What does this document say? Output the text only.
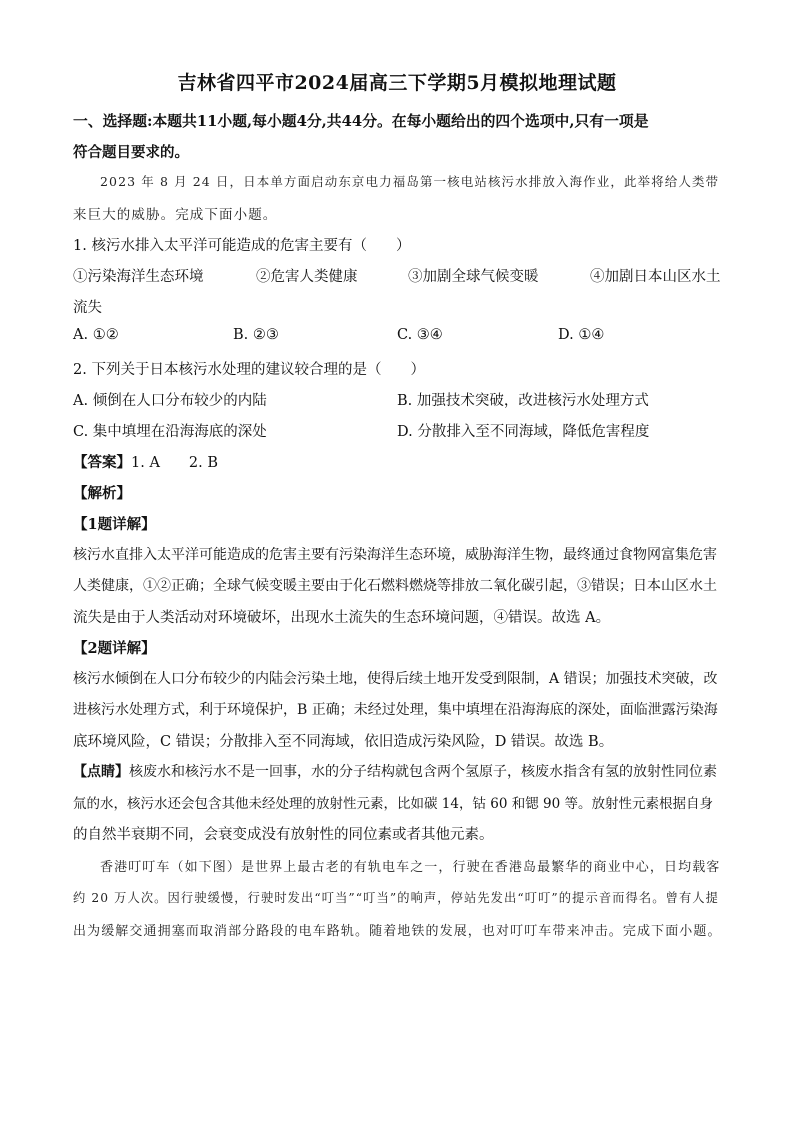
吉林省四平市2024届高三下学期5月模拟地理试题
一、选择题:本题共11小题,每小题4分,共44分。在每小题给出的四个选项中,只有一项是
符合题目要求的。
2023 年 8 月 24 日，日本单方面启动东京电力福岛第一核电站核污水排放入海作业，此举将给人类带
来巨大的威胁。完成下面小题。
1. 核污水排入太平洋可能造成的危害主要有（　　）
①污染海洋生态环境	②危害人类健康	③加剧全球气候变暖	④加剧日本山区水土
流失
A. ①②	B. ②③	C. ③④	D. ①④
2. 下列关于日本核污水处理的建议较合理的是（　　）
A. 倾倒在人口分布较少的内陆	B. 加强技术突破，改进核污水处理方式
C. 集中填埋在沿海海底的深处	D. 分散排入至不同海域，降低危害程度
【答案】1. A　　2. B
【解析】
【1题详解】
核污水直排入太平洋可能造成的危害主要有污染海洋生态环境，威胁海洋生物，最终通过食物网富集危害
人类健康，①②正确；全球气候变暖主要由于化石燃料燃烧等排放二氧化碳引起，③错误；日本山区水土
流失是由于人类活动对环境破坏，出现水土流失的生态环境问题，④错误。故选 A。
【2题详解】
核污水倾倒在人口分布较少的内陆会污染土地，使得后续土地开发受到限制，A 错误；加强技术突破，改
进核污水处理方式，利于环境保护，B 正确；未经过处理，集中填埋在沿海海底的深处，面临泄露污染海
底环境风险，C 错误；分散排入至不同海域，依旧造成污染风险，D 错误。故选 B。
【点睛】核废水和核污水不是一回事，水的分子结构就包含两个氢原子，核废水指含有氢的放射性同位素
氚的水，核污水还会包含其他未经处理的放射性元素，比如碳 14，钴 60 和锶 90 等。放射性元素根据自身
的自然半衰期不同，会衰变成没有放射性的同位素或者其他元素。
香港叮叮车（如下图）是世界上最古老的有轨电车之一，行驶在香港岛最繁华的商业中心，日均载客
约 20 万人次。因行驶缓慢，行驶时发出“叮当”“叮当”的响声，停站先发出“叮叮”的提示音而得名。曾有人提
出为缓解交通拥塞而取消部分路段的电车路轨。随着地铁的发展，也对叮叮车带来冲击。完成下面小题。
